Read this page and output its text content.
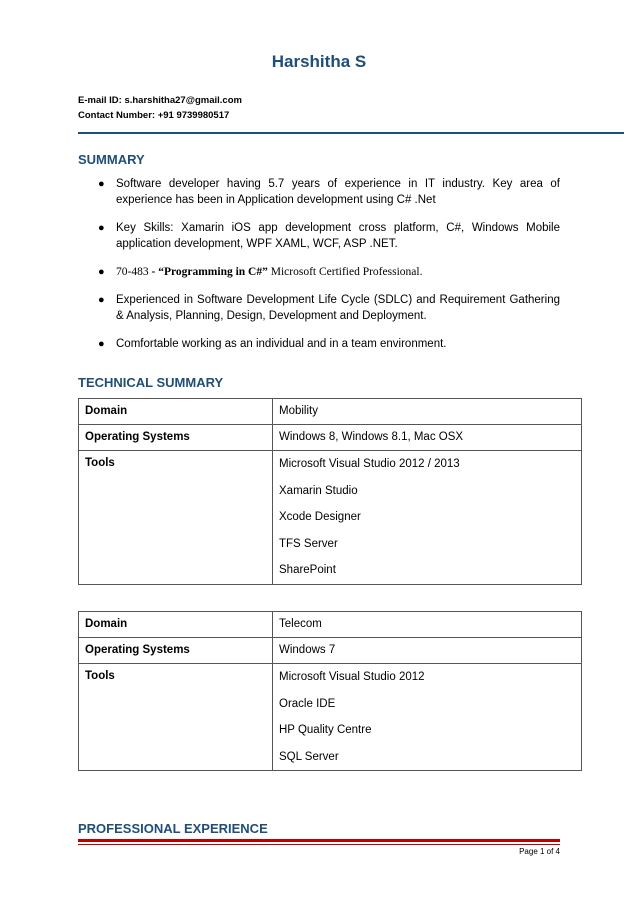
Harshitha S
E-mail ID: s.harshitha27@gmail.com
Contact Number: +91 9739980517
SUMMARY
● Software developer having 5.7 years of experience in IT industry. Key area of experience has been in Application development using C# .Net
● Key Skills: Xamarin iOS app development cross platform, C#, Windows Mobile application development, WPF XAML, WCF, ASP .NET.
● 70-483 - “Programming in C#” Microsoft Certified Professional.
● Experienced in Software Development Life Cycle (SDLC) and Requirement Gathering & Analysis, Planning, Design, Development and Deployment.
● Comfortable working as an individual and in a team environment.
TECHNICAL SUMMARY
Domain	Mobility
Operating Systems	Windows 8, Windows 8.1, Mac OSX
Tools	Microsoft Visual Studio 2012 / 2013
Xamarin Studio
Xcode Designer
TFS Server
SharePoint
Domain	Telecom
Operating Systems	Windows 7
Tools	Microsoft Visual Studio 2012
Oracle IDE
HP Quality Centre
SQL Server
PROFESSIONAL EXPERIENCE
Page 1 of 4
